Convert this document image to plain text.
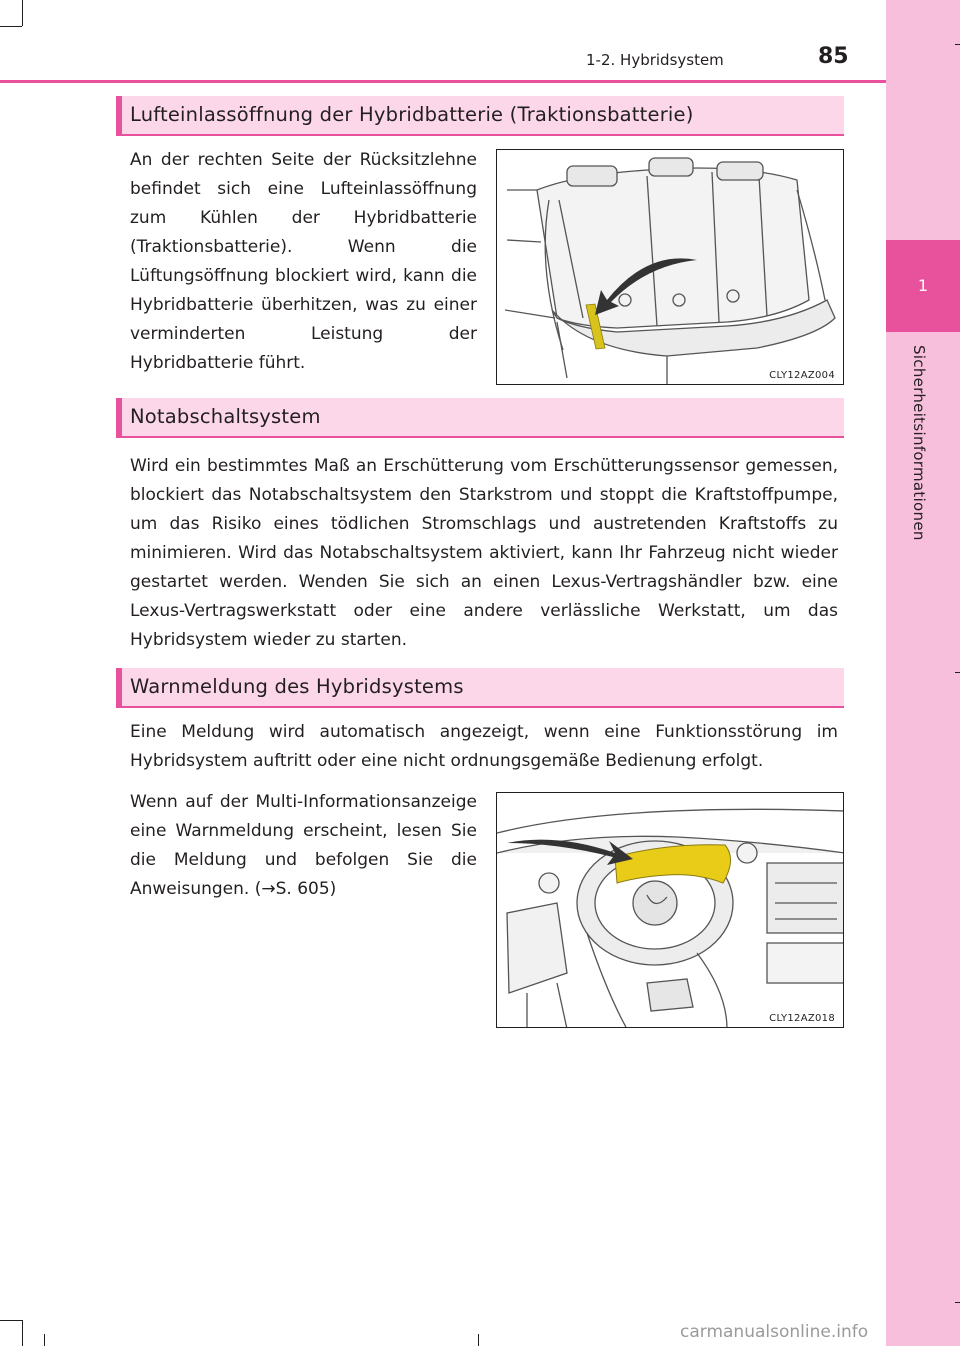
1
Sicherheitsinformationen
1-2. Hybridsystem	85
Lufteinlassöffnung der Hybridbatterie (Traktionsbatterie)
An der rechten Seite der Rücksitzlehne befindet sich eine Lufteinlassöffnung zum Kühlen der Hybridbatterie (Traktionsbatterie). Wenn die Lüftungsöffnung blockiert wird, kann die Hybridbatterie überhitzen, was zu einer verminderten Leistung der Hybridbatterie führt.
CLY12AZ004
Notabschaltsystem
Wird ein bestimmtes Maß an Erschütterung vom Erschütterungssensor gemessen, blockiert das Notabschaltsystem den Starkstrom und stoppt die Kraftstoffpumpe, um das Risiko eines tödlichen Stromschlags und austretenden Kraftstoffs zu minimieren. Wird das Notabschaltsystem aktiviert, kann Ihr Fahrzeug nicht wieder gestartet werden. Wenden Sie sich an einen Lexus-Vertragshändler bzw. eine Lexus-Vertragswerkstatt oder eine andere verlässliche Werkstatt, um das Hybridsystem wieder zu starten.
Warnmeldung des Hybridsystems
Eine Meldung wird automatisch angezeigt, wenn eine Funktionsstörung im Hybridsystem auftritt oder eine nicht ordnungsgemäße Bedienung erfolgt.
Wenn auf der Multi-Informationsanzeige eine Warnmeldung erscheint, lesen Sie die Meldung und befolgen Sie die Anweisungen. (→S. 605)
CLY12AZ018
carmanualsonline.info
